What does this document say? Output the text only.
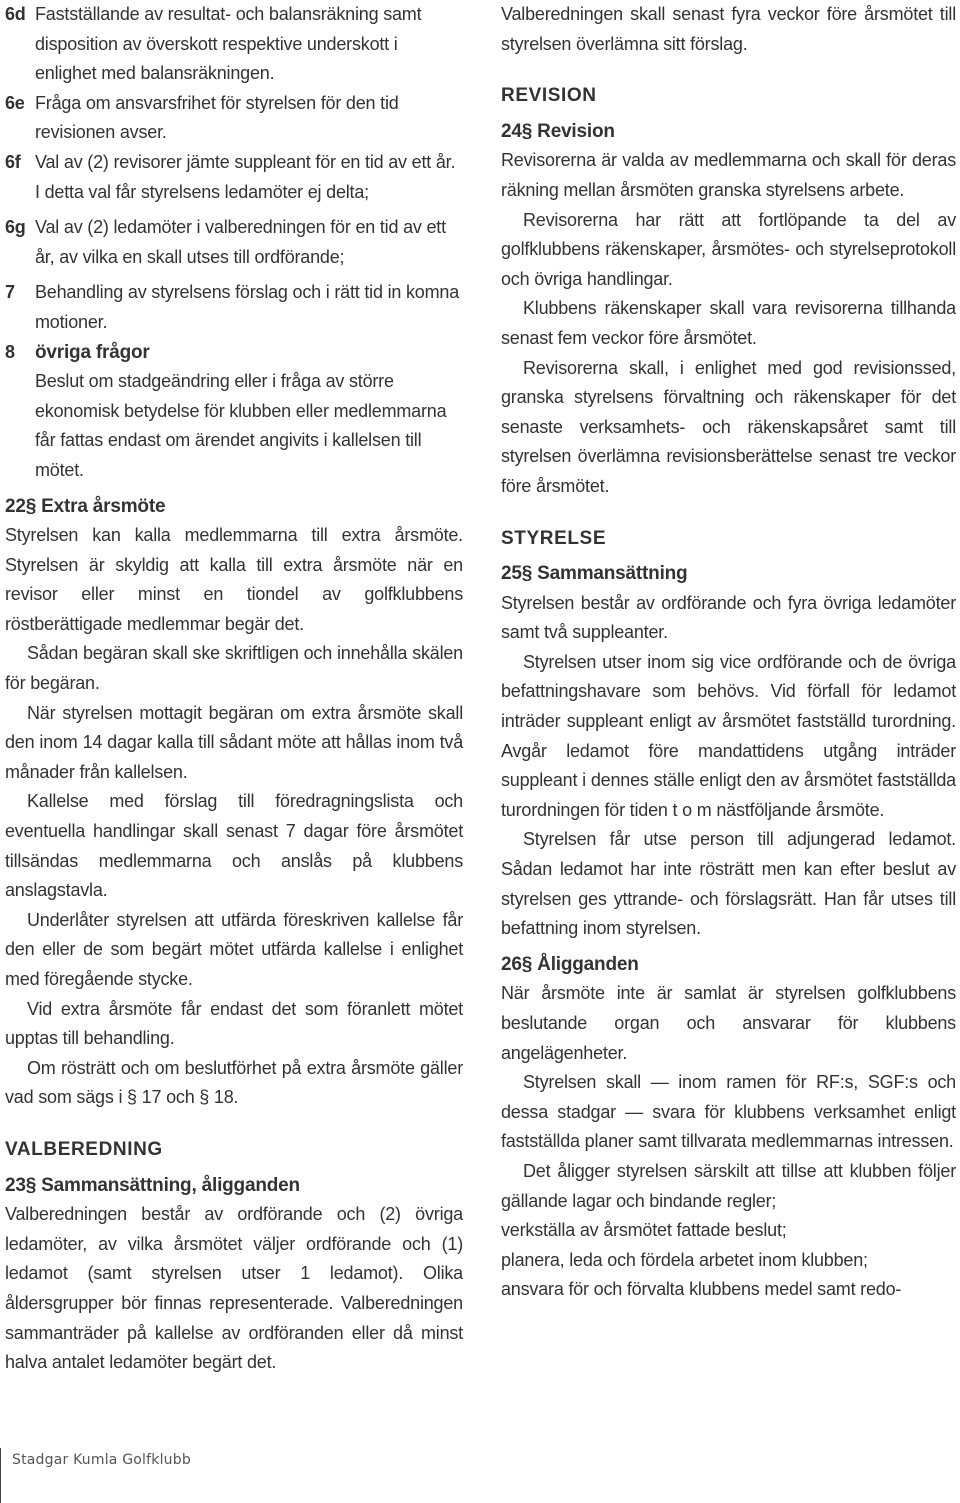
6d Fastställande av resultat- och balansräkning samt disposition av överskott respektive underskott i enlighet med balansräkningen.
6e Fråga om ansvarsfrihet för styrelsen för den tid revisionen avser.
6f Val av (2) revisorer jämte suppleant för en tid av ett år. I detta val får styrelsens ledamöter ej delta;
6g Val av (2) ledamöter i valberedningen för en tid av ett år, av vilka en skall utses till ordförande;
7	Behandling av styrelsens förslag och i rätt tid in komna motioner.
8	övriga frågor

Beslut om stadgeändring eller i fråga av större ekonomisk betydelse för klubben eller medlemmarna får fattas endast om ärendet angivits i kallelsen till mötet.

22§ Extra årsmöte

Styrelsen kan kalla medlemmarna till extra årsmöte. Styrelsen är skyldig att kalla till extra årsmöte när en revisor eller minst en tiondel av golfklubbens röstberättigade medlemmar begär det.

Sådan begäran skall ske skriftligen och innehålla skälen för begäran.

När styrelsen mottagit begäran om extra årsmöte skall den inom 14 dagar kalla till sådant möte att hållas inom två månader från kallelsen.

Kallelse med förslag till föredragningslista och eventuella handlingar skall senast 7 dagar före årsmötet tillsändas medlemmarna och anslås på klubbens anslagstavla.

Underlåter styrelsen att utfärda föreskriven kallelse får den eller de som begärt mötet utfärda kallelse i enlighet med föregående stycke.

Vid extra årsmöte får endast det som föranlett mötet upptas till behandling.

Om rösträtt och om beslutförhet på extra årsmöte gäller vad som sägs i § 17 och § 18.

VALBEREDNING

23§ Sammansättning, åligganden

Valberedningen består av ordförande och (2) övriga ledamöter, av vilka årsmötet väljer ordförande och (1) ledamot (samt styrelsen utser 1 ledamot). Olika åldersgrupper bör finnas representerade. Valberedningen sammanträder på kallelse av ordföranden eller då minst halva antalet ledamöter begärt det.

Valberedningen skall senast fyra veckor före årsmötet till styrelsen överlämna sitt förslag.

REVISION

24§ Revision

Revisorerna är valda av medlemmarna och skall för deras räkning mellan årsmöten granska styrelsens arbete.

Revisorerna har rätt att fortlöpande ta del av golfklubbens räkenskaper, årsmötes- och styrelseprotokoll och övriga handlingar.

Klubbens räkenskaper skall vara revisorerna tillhanda senast fem veckor före årsmötet.

Revisorerna skall, i enlighet med god revisionssed, granska styrelsens förvaltning och räkenskaper för det senaste verksamhets- och räkenskapsåret samt till styrelsen överlämna revisionsberättelse senast tre veckor före årsmötet.

STYRELSE

25§ Sammansättning

Styrelsen består av ordförande och fyra övriga ledamöter samt två suppleanter.

Styrelsen utser inom sig vice ordförande och de övriga befattningshavare som behövs. Vid förfall för ledamot inträder suppleant enligt av årsmötet fastställd turordning. Avgår ledamot före mandattidens utgång inträder suppleant i dennes ställe enligt den av årsmötet fastställda turordningen för tiden t o m nästföljande årsmöte.

Styrelsen får utse person till adjungerad ledamot. Sådan ledamot har inte rösträtt men kan efter beslut av styrelsen ges yttrande- och förslagsrätt. Han får utses till befattning inom styrelsen.

26§ Åligganden

När årsmöte inte är samlat är styrelsen golfklubbens beslutande organ och ansvarar för klubbens angelägenheter.

Styrelsen skall — inom ramen för RF:s, SGF:s och dessa stadgar — svara för klubbens verksamhet enligt fastställda planer samt tillvarata medlemmarnas intressen.

Det åligger styrelsen särskilt att tillse att klubben följer gällande lagar och bindande regler;

verkställa av årsmötet fattade beslut;

planera, leda och fördela arbetet inom klubben;

ansvara för och förvalta klubbens medel samt redo-

Stadgar Kumla Golfklubb
